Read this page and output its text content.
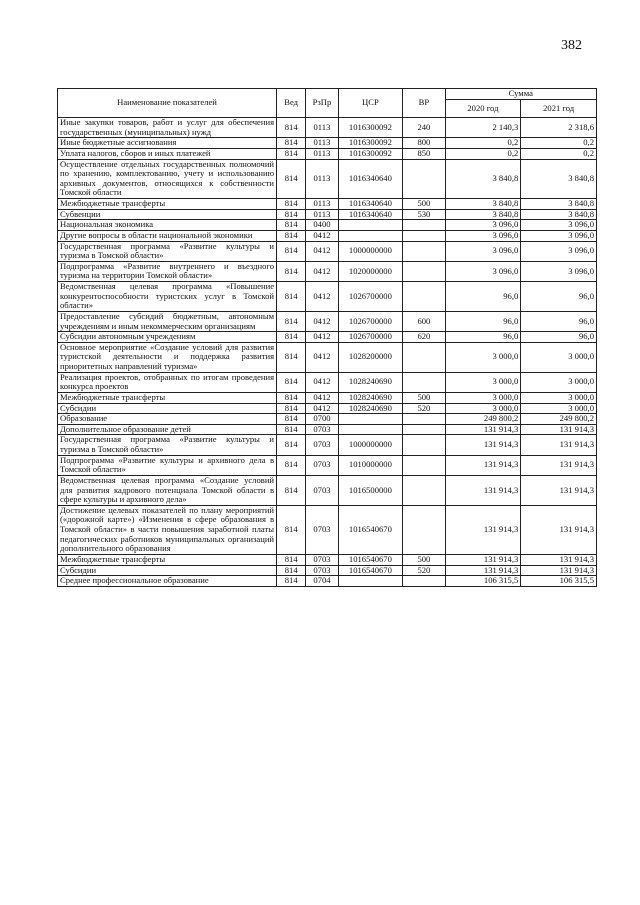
382
Наименование показателей	Вед	РзПр	ЦСР	ВР	Сумма	
					2020 год	2021 год
Иные закупки товаров, работ и услуг для обеспечения государственных (муниципальных) нужд	814	0113	1016300092	240	2 140,3	2 318,6
Иные бюджетные ассигнования	814	0113	1016300092	800	0,2	0,2
Уплата налогов, сборов и иных платежей	814	0113	1016300092	850	0,2	0,2
Осуществление отдельных государственных полномочий по хранению, комплектованию, учету и использованию архивных документов, относящихся к собственности Томской области	814	0113	1016340640		3 840,8	3 840,8
Межбюджетные трансферты	814	0113	1016340640	500	3 840,8	3 840,8
Субвенции	814	0113	1016340640	530	3 840,8	3 840,8
Национальная экономика	814	0400			3 096,0	3 096,0
Другие вопросы в области национальной экономики	814	0412			3 096,0	3 096,0
Государственная программа «Развитие культуры и туризма в Томской области»	814	0412	1000000000		3 096,0	3 096,0
Подпрограмма «Развитие внутреннего и въездного туризма на территории Томской области»	814	0412	1020000000		3 096,0	3 096,0
Ведомственная целевая программа «Повышение конкурентоспособности туристских услуг в Томской области»	814	0412	1026700000		96,0	96,0
Предоставление субсидий бюджетным, автономным учреждениям и иным некоммерческим организациям	814	0412	1026700000	600	96,0	96,0
Субсидии автономным учреждениям	814	0412	1026700000	620	96,0	96,0
Основное мероприятие «Создание условий для развития туристской деятельности и поддержка развития приоритетных направлений туризма»	814	0412	1028200000		3 000,0	3 000,0
Реализация проектов, отобранных по итогам проведения конкурса проектов	814	0412	1028240690		3 000,0	3 000,0
Межбюджетные трансферты	814	0412	1028240690	500	3 000,0	3 000,0
Субсидии	814	0412	1028240690	520	3 000,0	3 000,0
Образование	814	0700			249 800,2	249 800,2
Дополнительное образование детей	814	0703			131 914,3	131 914,3
Государственная программа «Развитие культуры и туризма в Томской области»	814	0703	1000000000		131 914,3	131 914,3
Подпрограмма «Развитие культуры и архивного дела в Томской области»	814	0703	1010000000		131 914,3	131 914,3
Ведомственная целевая программа «Создание условий для развития кадрового потенциала Томской области в сфере культуры и архивного дела»	814	0703	1016500000		131 914,3	131 914,3
Достижение целевых показателей по плану мероприятий («дорожной карте») «Изменения в сфере образования в Томской области» в части повышения заработной платы педагогических работников муниципальных организаций дополнительного образования	814	0703	1016540670		131 914,3	131 914,3
Межбюджетные трансферты	814	0703	1016540670	500	131 914,3	131 914,3
Субсидии	814	0703	1016540670	520	131 914,3	131 914,3
Среднее профессиональное образование	814	0704			106 315,5	106 315,5
